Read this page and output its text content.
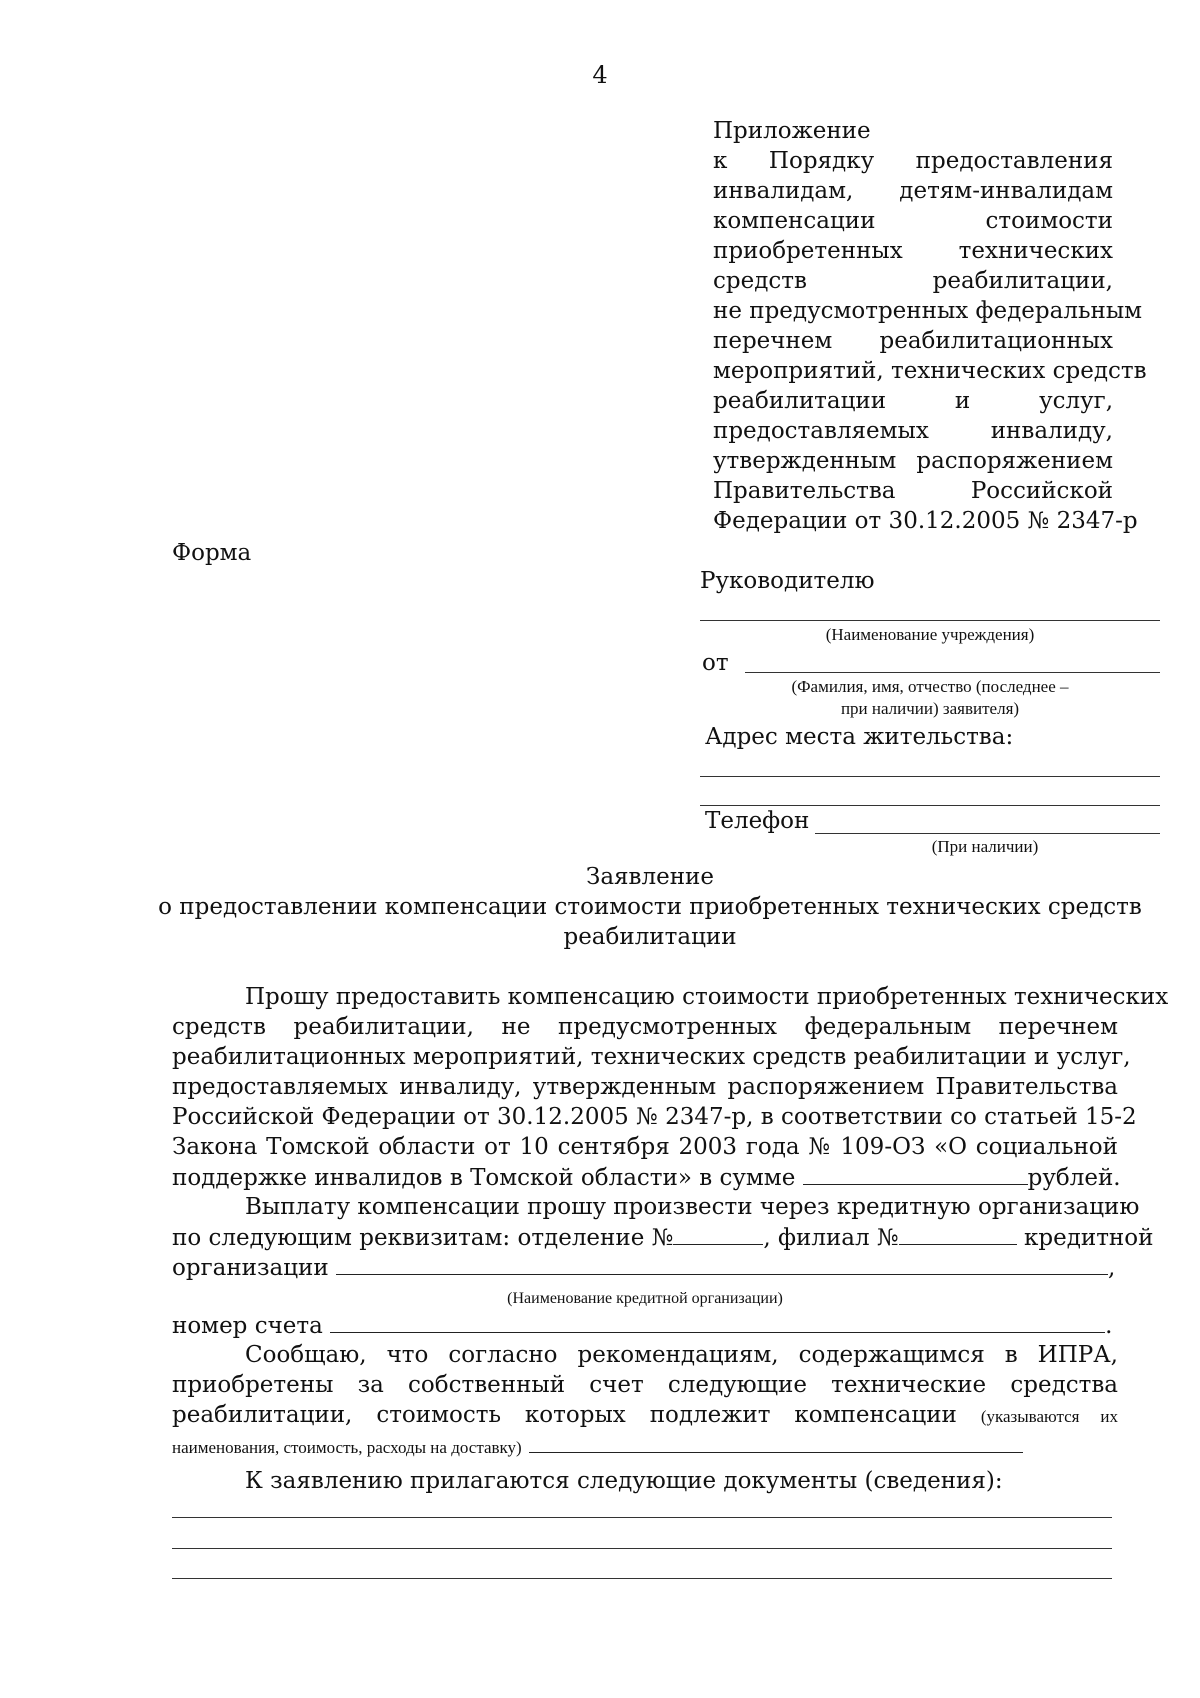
4
Приложение
к Порядку предоставления
инвалидам, детям-инвалидам
компенсации стоимости
приобретенных технических
средств реабилитации,
не предусмотренных федеральным
перечнем реабилитационных
мероприятий, технических средств
реабилитации и услуг,
предоставляемых инвалиду,
утвержденным распоряжением
Правительства Российской
Федерации от 30.12.2005 № 2347-р
Форма
Руководителю
(Наименование учреждения)
от
(Фамилия, имя, отчество (последнее –
при наличии) заявителя)
Адрес места жительства:
Телефон
(При наличии)
Заявление
о предоставлении компенсации стоимости приобретенных технических средств
реабилитации
Прошу предоставить компенсацию стоимости приобретенных технических
средств реабилитации, не предусмотренных федеральным перечнем
реабилитационных мероприятий, технических средств реабилитации и услуг,
предоставляемых инвалиду, утвержденным распоряжением Правительства
Российской Федерации от 30.12.2005 № 2347-р, в соответствии со статьей 15-2
Закона Томской области от 10 сентября 2003 года № 109-ОЗ «О социальной
поддержке инвалидов в Томской области» в сумме	рублей.
Выплату компенсации прошу произвести через кредитную организацию
по следующим реквизитам: отделение №	, филиал №	кредитной
организации	,
(Наименование кредитной организации)
номер счета	.
Сообщаю, что согласно рекомендациям, содержащимся в ИПРА,
приобретены за собственный счет следующие технические средства
реабилитации, стоимость которых подлежит компенсации (указываются их
наименования, стоимость, расходы на доставку)
К заявлению прилагаются следующие документы (сведения):
